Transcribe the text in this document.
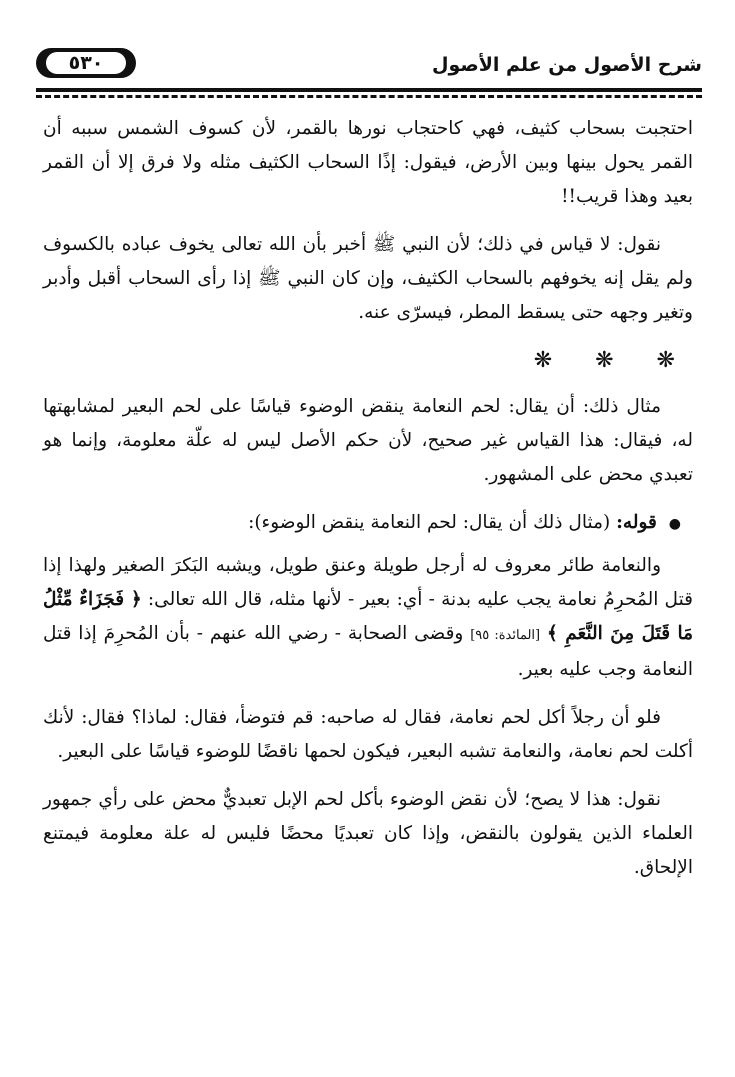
٥٣٠	شرح الأصول من علم الأصول

احتجبت بسحاب كثيف، فهي كاحتجاب نورها بالقمر، لأن كسوف الشمس سببه أن القمر يحول بينها وبين الأرض، فيقول: إذًا السحاب الكثيف مثله ولا فرق إلا أن القمر بعيد وهذا قريب!!

نقول: لا قياس في ذلك؛ لأن النبي ﷺ أخبر بأن الله تعالى يخوف عباده بالكسوف ولم يقل إنه يخوفهم بالسحاب الكثيف، وإن كان النبي ﷺ إذا رأى السحاب أقبل وأدبر وتغير وجهه حتى يسقط المطر، فيسرّى عنه.

❋ ❋ ❋

مثال ذلك: أن يقال: لحم النعامة ينقض الوضوء قياسًا على لحم البعير لمشابهتها له، فيقال: هذا القياس غير صحيح، لأن حكم الأصل ليس له علّة معلومة، وإنما هو تعبدي محض على المشهور.

● قوله: (مثال ذلك أن يقال: لحم النعامة ينقض الوضوء):

والنعامة طائر معروف له أرجل طويلة وعنق طويل، ويشبه البَكرَ الصغير ولهذا إذا قتل المُحرِمُ نعامة يجب عليه بدنة - أي: بعير - لأنها مثله، قال الله تعالى: ﴿ فَجَزَاءٌ مِّثْلُ مَا قَتَلَ مِنَ النَّعَمِ ﴾ [المائدة: ٩٥] وقضى الصحابة - رضي الله عنهم - بأن المُحرِمَ إذا قتل النعامة وجب عليه بعير.

فلو أن رجلاً أكل لحم نعامة، فقال له صاحبه: قم فتوضأ، فقال: لماذا؟ فقال: لأنك أكلت لحم نعامة، والنعامة تشبه البعير، فيكون لحمها ناقضًا للوضوء قياسًا على البعير.

نقول: هذا لا يصح؛ لأن نقض الوضوء بأكل لحم الإبل تعبديٌّ محض على رأي جمهور العلماء الذين يقولون بالنقض، وإذا كان تعبديًا محضًا فليس له علة معلومة فيمتنع الإلحاق.
